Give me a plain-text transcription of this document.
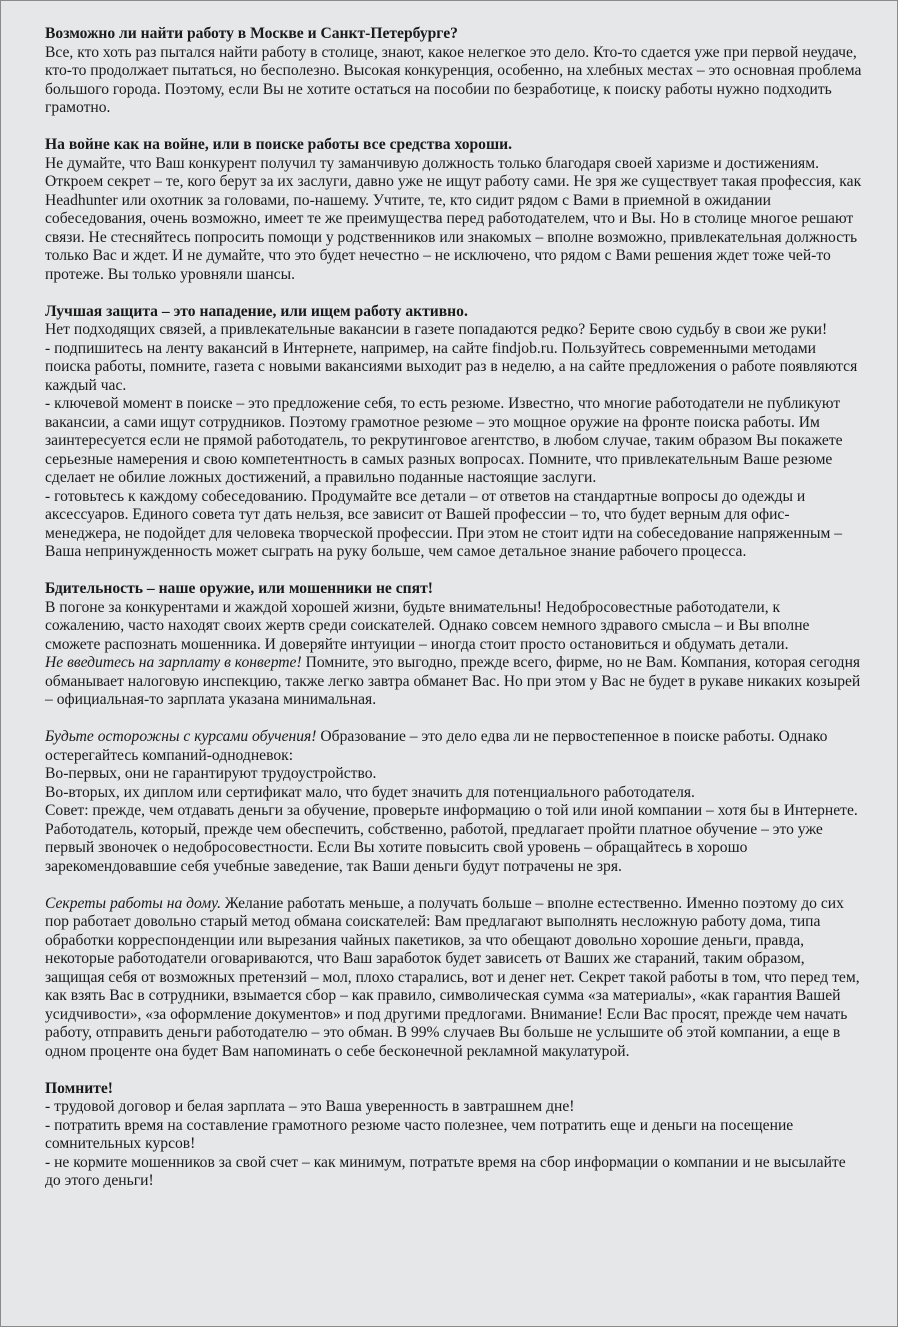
Возможно ли найти работу в Москве и Санкт-Петербурге?

Все, кто хоть раз пытался найти работу в столице, знают, какое нелегкое это дело. Кто-то сдается уже при первой неудаче, кто-то продолжает пытаться, но бесполезно. Высокая конкуренция, особенно, на хлебных местах – это основная проблема большого города. Поэтому, если Вы не хотите остаться на пособии по безработице, к поиску работы нужно подходить грамотно.

На войне как на войне, или в поиске работы все средства хороши.

Не думайте, что Ваш конкурент получил ту заманчивую должность только благодаря своей харизме и достижениям. Откроем секрет – те, кого берут за их заслуги, давно уже не ищут работу сами. Не зря же существует такая профессия, как Headhunter или охотник за головами, по-нашему. Учтите, те, кто сидит рядом с Вами в приемной в ожидании собеседования, очень возможно, имеет те же преимущества перед работодателем, что и Вы. Но в столице многое решают связи. Не стесняйтесь попросить помощи у родственников или знакомых – вполне возможно, привлекательная должность только Вас и ждет. И не думайте, что это будет нечестно – не исключено, что рядом с Вами решения ждет тоже чей-то протеже. Вы только уровняли шансы.

Лучшая защита – это нападение, или ищем работу активно.

Нет подходящих связей, а привлекательные вакансии в газете попадаются редко? Берите свою судьбу в свои же руки!

- подпишитесь на ленту вакансий в Интернете, например, на сайте findjob.ru. Пользуйтесь современными методами поиска работы, помните, газета с новыми вакансиями выходит раз в неделю, а на сайте предложения о работе появляются каждый час.

- ключевой момент в поиске – это предложение себя, то есть резюме. Известно, что многие работодатели не публикуют вакансии, а сами ищут сотрудников. Поэтому грамотное резюме – это мощное оружие на фронте поиска работы. Им заинтересуется если не прямой работодатель, то рекрутинговое агентство, в любом случае, таким образом Вы покажете серьезные намерения и свою компетентность в самых разных вопросах. Помните, что привлекательным Ваше резюме сделает не обилие ложных достижений, а правильно поданные настоящие заслуги.

- готовьтесь к каждому собеседованию. Продумайте все детали – от ответов на стандартные вопросы до одежды и аксессуаров. Единого совета тут дать нельзя, все зависит от Вашей профессии – то, что будет верным для офис-менеджера, не подойдет для человека творческой профессии. При этом не стоит идти на собеседование напряженным – Ваша непринужденность может сыграть на руку больше, чем самое детальное знание рабочего процесса.

Бдительность – наше оружие, или мошенники не спят!

В погоне за конкурентами и жаждой хорошей жизни, будьте внимательны! Недобросовестные работодатели, к сожалению, часто находят своих жертв среди соискателей. Однако совсем немного здравого смысла – и Вы вполне сможете распознать мошенника. И доверяйте интуиции – иногда стоит просто остановиться и обдумать детали.

Не введитесь на зарплату в конверте! Помните, это выгодно, прежде всего, фирме, но не Вам. Компания, которая сегодня обманывает налоговую инспекцию, также легко завтра обманет Вас. Но при этом у Вас не будет в рукаве никаких козырей – официальная-то зарплата указана минимальная.

Будьте осторожны с курсами обучения! Образование – это дело едва ли не первостепенное в поиске работы. Однако остерегайтесь компаний-однодневок:

Во-первых, они не гарантируют трудоустройство.

Во-вторых, их диплом или сертификат мало, что будет значить для потенциального работодателя.

Совет: прежде, чем отдавать деньги за обучение, проверьте информацию о той или иной компании – хотя бы в Интернете. Работодатель, который, прежде чем обеспечить, собственно, работой, предлагает пройти платное обучение – это уже первый звоночек о недобросовестности. Если Вы хотите повысить свой уровень – обращайтесь в хорошо зарекомендовавшие себя учебные заведение, так Ваши деньги будут потрачены не зря.

Секреты работы на дому. Желание работать меньше, а получать больше – вполне естественно. Именно поэтому до сих пор работает довольно старый метод обмана соискателей: Вам предлагают выполнять несложную работу дома, типа обработки корреспонденции или вырезания чайных пакетиков, за что обещают довольно хорошие деньги, правда, некоторые работодатели оговариваются, что Ваш заработок будет зависеть от Ваших же стараний, таким образом, защищая себя от возможных претензий – мол, плохо старались, вот и денег нет. Секрет такой работы в том, что перед тем, как взять Вас в сотрудники, взымается сбор – как правило, символическая сумма «за материалы», «как гарантия Вашей усидчивости», «за оформление документов» и под другими предлогами. Внимание! Если Вас просят, прежде чем начать работу, отправить деньги работодателю – это обман. В 99% случаев Вы больше не услышите об этой компании, а еще в одном проценте она будет Вам напоминать о себе бесконечной рекламной макулатурой.

Помните!

- трудовой договор и белая зарплата – это Ваша уверенность в завтрашнем дне!

- потратить время на составление грамотного резюме часто полезнее, чем потратить еще и деньги на посещение сомнительных курсов!

- не кормите мошенников за свой счет – как минимум, потратьте время на сбор информации о компании и не высылайте до этого деньги!
